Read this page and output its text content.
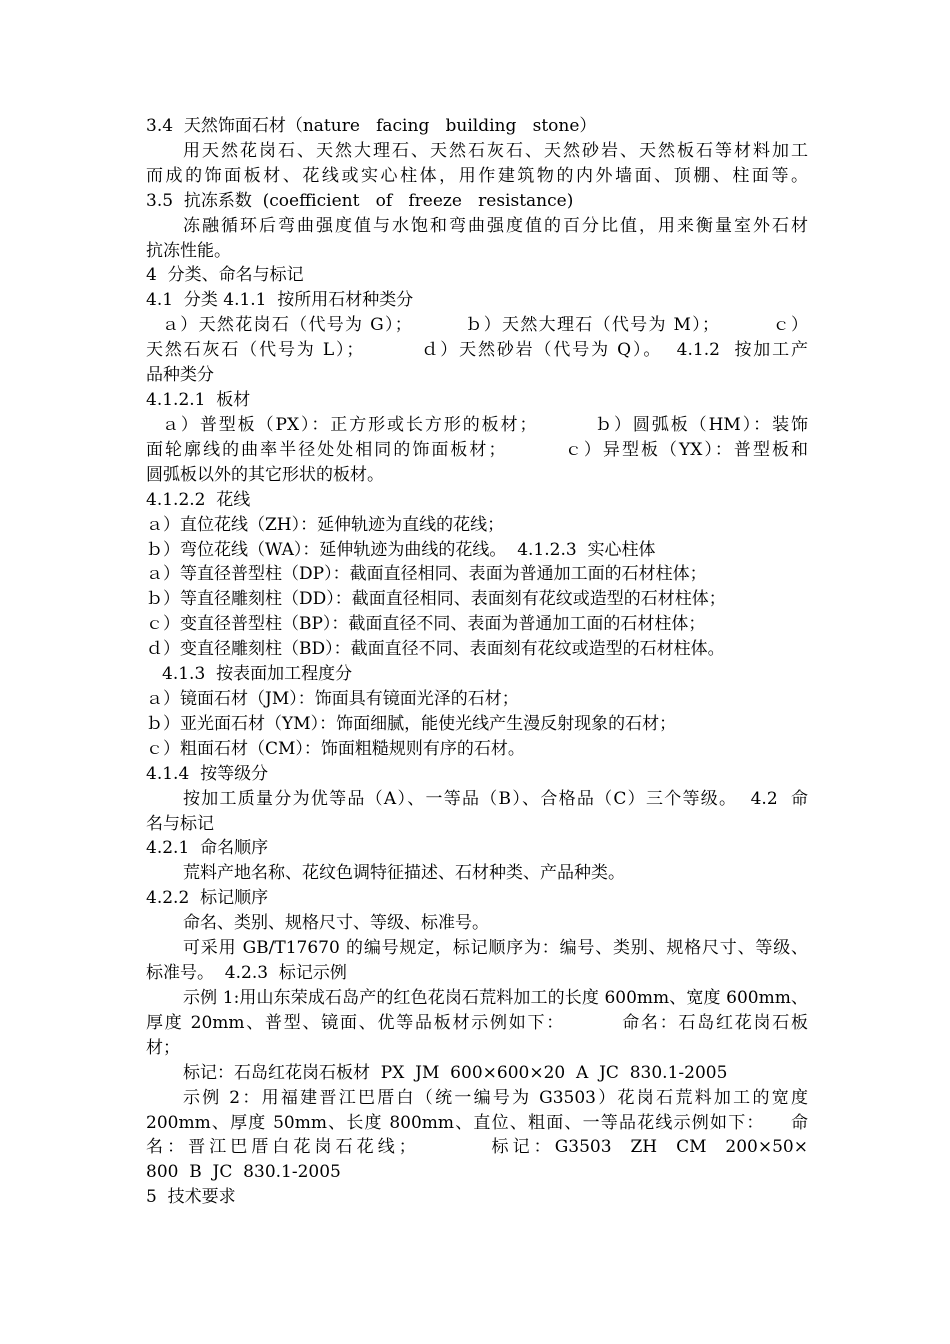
3.4  天然饰面石材（nature   facing   building   stone）
用天然花岗石、天然大理石、天然石灰石、天然砂岩、天然板石等材料加工
而成的饰面板材、花线或实心柱体，用作建筑物的内外墙面、顶棚、柱面等。
3.5  抗冻系数  (coefficient   of   freeze   resistance)
冻融循环后弯曲强度值与水饱和弯曲强度值的百分比值，用来衡量室外石材
抗冻性能。
4  分类、命名与标记
4.1  分类 4.1.1  按所用石材种类分
ａ）天然花岗石（代号为 G）；        ｂ）天然大理石（代号为 M）；        ｃ）
天然石灰石（代号为 L）；        ｄ）天然砂岩（代号为 Q）。  4.1.2  按加工产
品种类分
4.1.2.1  板材
ａ）普型板（PX）：正方形或长方形的板材；        ｂ）圆弧板（HM）：装饰
面轮廓线的曲率半径处处相同的饰面板材；        ｃ）异型板（YX）：普型板和
圆弧板以外的其它形状的板材。
4.1.2.2  花线
ａ）直位花线（ZH）：延伸轨迹为直线的花线；
ｂ）弯位花线（WA）：延伸轨迹为曲线的花线。  4.1.2.3  实心柱体
ａ）等直径普型柱（DP）：截面直径相同、表面为普通加工面的石材柱体；
ｂ）等直径雕刻柱（DD）：截面直径相同、表面刻有花纹或造型的石材柱体；
ｃ）变直径普型柱（BP）：截面直径不同、表面为普通加工面的石材柱体；
ｄ）变直径雕刻柱（BD）：截面直径不同、表面刻有花纹或造型的石材柱体。
4.1.3  按表面加工程度分
ａ）镜面石材（JM）：饰面具有镜面光泽的石材；
ｂ）亚光面石材（YM）：饰面细腻，能使光线产生漫反射现象的石材；
ｃ）粗面石材（CM）：饰面粗糙规则有序的石材。
4.1.4  按等级分
按加工质量分为优等品（A）、一等品（B）、合格品（C）三个等级。  4.2  命
名与标记
4.2.1  命名顺序
荒料产地名称、花纹色调特征描述、石材种类、产品种类。
4.2.2  标记顺序
命名、类别、规格尺寸、等级、标准号。
可采用 GB/T17670 的编号规定，标记顺序为：编号、类别、规格尺寸、等级、
标准号。  4.2.3  标记示例
示例 1:用山东荣成石岛产的红色花岗石荒料加工的长度 600mm、宽度 600mm、
厚度 20mm、普型、镜面、优等品板材示例如下：        命名：石岛红花岗石板
材；
标记：石岛红花岗石板材  PX  JM  600×600×20  A  JC  830.1-2005
示例 2：用福建晋江巴厝白（统一编号为 G3503）花岗石荒料加工的宽度
200mm、厚度 50mm、长度 800mm、直位、粗面、一等品花线示例如下：    命
名：晋江巴厝白花岗石花线；        标记：G3503  ZH  CM  200×50×
800  B  JC  830.1-2005
5  技术要求
